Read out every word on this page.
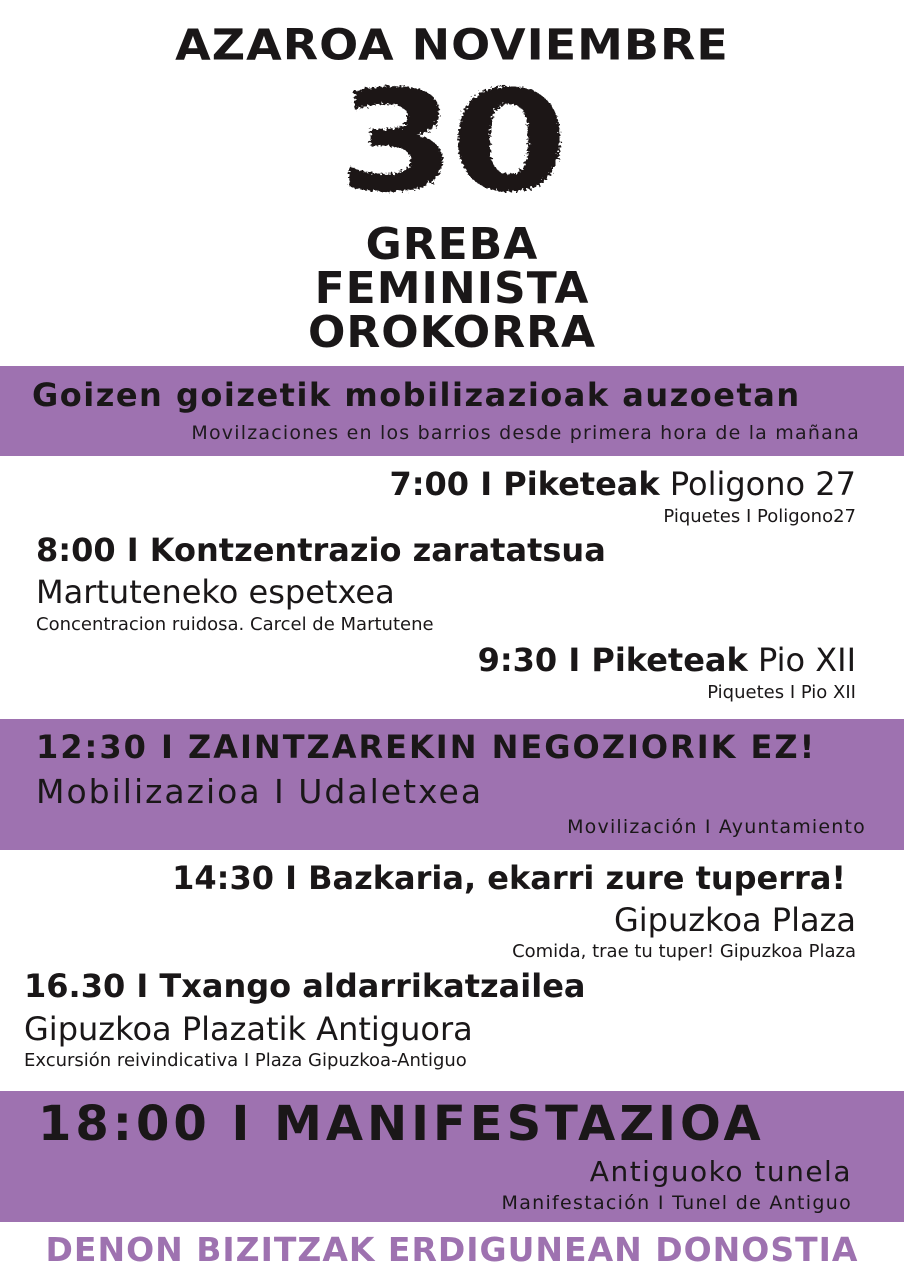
AZAROA NOVIEMBRE
30
GREBA
FEMINISTA
OROKORRA
Goizen goizetik mobilizazioak auzoetan
Movilzaciones en los barrios desde primera hora de la mañana
7:00 I Piketeak Poligono 27
Piquetes I Poligono27
8:00 I Kontzentrazio zaratatsua
Martuteneko espetxea
Concentracion ruidosa. Carcel de Martutene
9:30 I Piketeak Pio XII
Piquetes I Pio XII
12:30 I ZAINTZAREKIN NEGOZIORIK EZ!
Mobilizazioa I Udaletxea
Movilización I Ayuntamiento
14:30 I Bazkaria, ekarri zure tuperra!
Gipuzkoa Plaza
Comida, trae tu tuper! Gipuzkoa Plaza
16.30 I Txango aldarrikatzailea
Gipuzkoa Plazatik Antiguora
Excursión reivindicativa I Plaza Gipuzkoa-Antiguo
18:00 I MANIFESTAZIOA
Antiguoko tunela
Manifestación I Tunel de Antiguo
DENON BIZITZAK ERDIGUNEAN DONOSTIA
